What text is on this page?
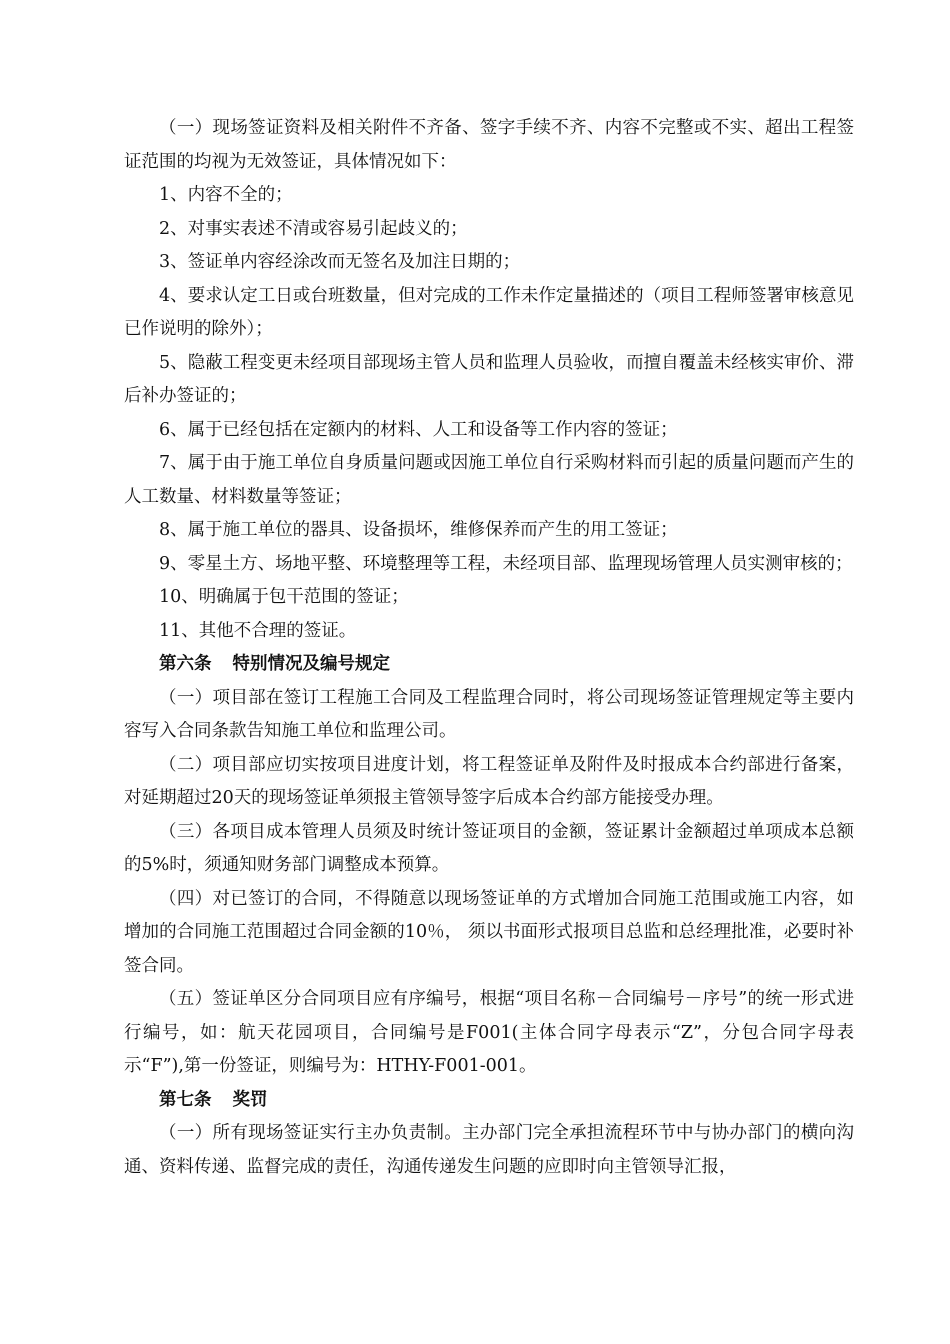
（一）现场签证资料及相关附件不齐备、签字手续不齐、内容不完整或不实、超出工程签证范围的均视为无效签证，具体情况如下：

1、内容不全的；

2、对事实表述不清或容易引起歧义的；

3、签证单内容经涂改而无签名及加注日期的；

4、要求认定工日或台班数量，但对完成的工作未作定量描述的（项目工程师签署审核意见已作说明的除外）；

5、隐蔽工程变更未经项目部现场主管人员和监理人员验收，而擅自覆盖未经核实审价、滞后补办签证的；

6、属于已经包括在定额内的材料、人工和设备等工作内容的签证；

7、属于由于施工单位自身质量问题或因施工单位自行采购材料而引起的质量问题而产生的人工数量、材料数量等签证；

8、属于施工单位的器具、设备损坏，维修保养而产生的用工签证；

9、零星土方、场地平整、环境整理等工程，未经项目部、监理现场管理人员实测审核的；

10、明确属于包干范围的签证；

11、其他不合理的签证。

第六条 特别情况及编号规定

（一）项目部在签订工程施工合同及工程监理合同时，将公司现场签证管理规定等主要内容写入合同条款告知施工单位和监理公司。

（二）项目部应切实按项目进度计划，将工程签证单及附件及时报成本合约部进行备案，对延期超过20天的现场签证单须报主管领导签字后成本合约部方能接受办理。

（三）各项目成本管理人员须及时统计签证项目的金额，签证累计金额超过单项成本总额的5%时，须通知财务部门调整成本预算。

（四）对已签订的合同，不得随意以现场签证单的方式增加合同施工范围或施工内容，如增加的合同施工范围超过合同金额的10％， 须以书面形式报项目总监和总经理批准，必要时补签合同。

（五）签证单区分合同项目应有序编号，根据“项目名称－合同编号－序号”的统一形式进行编号，如：航天花园项目，合同编号是F001(主体合同字母表示“Z”，分包合同字母表示“F”),第一份签证，则编号为：HTHY-F001-001。

第七条 奖罚

（一）所有现场签证实行主办负责制。主办部门完全承担流程环节中与协办部门的横向沟通、资料传递、监督完成的责任，沟通传递发生问题的应即时向主管领导汇报，
